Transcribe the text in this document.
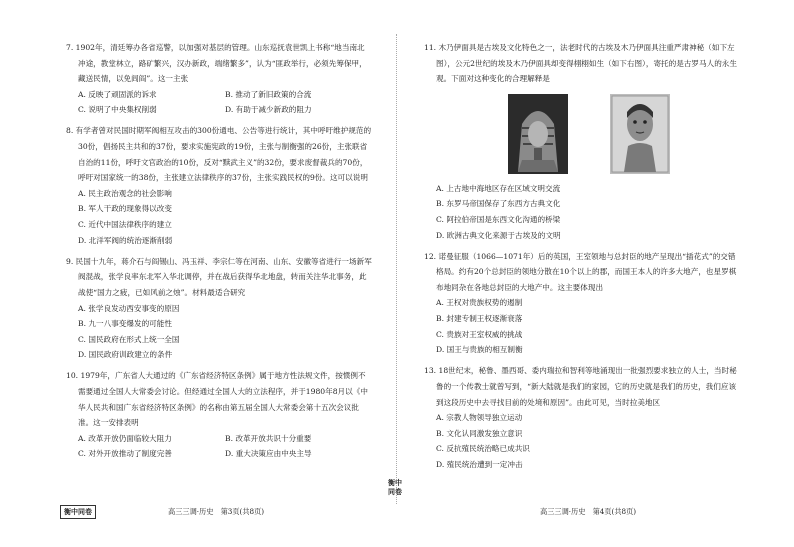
7. 1902年，清廷筹办各省巡警，以加强对基层的管理。山东巡抚袁世凯上书称“地当南北冲途，教堂林立，路矿繁兴，汉办新政，端绪繁多”，认为“匪政举行，必须先筹保甲，藏送民情，以免闾阎”。这一主张

A. 反映了顽固派的诉求	B. 推动了新旧政策的合流
C. 说明了中央集权削弱	D. 有助于减少新政的阻力

8. 有学者曾对民国时期军阀相互攻击的300份通电、公告等进行统计，其中呼吁维护规范的30份，倡扬民主共和的37份，要求实施宪政的19份，主张与制衡强的26份，主张联省自治的11份，呼吁文官政治的10份，反对“黩武主义”的32份，要求废督裁兵的70份，呼吁对国家统一的38份，主张建立法律秩序的37份，主张实践民权的9份。这可以说明

A. 民主政治观念的社会影响

B. 军人干政的现象得以改变

C. 近代中国法律秩序的建立

D. 北洋军阀的统治逐渐削弱

9. 民国十九年，蒋介石与阎锡山、冯玉祥、李宗仁等在河南、山东、安徽等省进行一场新军阀混战，张学良率东北军入华北调停，并在战后获得华北地盘，转而关注华北事务，此战使“国力之疲，已如风前之烛”。材料最适合研究

A. 张学良发动西安事变的原因

B. 九一八事变爆发的可能性

C. 国民政府在形式上统一全国

D. 国民政府训政建立的条件

10. 1979年，广东省人大通过的《广东省经济特区条例》属于地方性法规文件，按惯例不需要通过全国人大常委会讨论。但经通过全国人大的立法程序，并于1980年8月以《中华人民共和国广东省经济特区条例》的名称由第五届全国人大常委会第十五次会议批准。这一安排表明

A. 改革开放仍面临较大阻力	B. 改革开放共识十分重要
C. 对外开放推动了制度完善	D. 重大决策应由中央主导

11. 木乃伊面具是古埃及文化特色之一，法老时代的古埃及木乃伊面具注重严肃神秘（如下左图），公元2世纪的埃及木乃伊面具却变得栩栩如生（如下右图），寄托的是古罗马人的永生观。下面对这种变化的合理解释是

A. 上古地中海地区存在区域文明交流

B. 东罗马帝国保存了东西方古典文化

C. 阿拉伯帝国是东西文化沟通的桥梁

D. 欧洲古典文化来源于古埃及的文明

12. 诺曼征服（1066—1071年）后的英国，王室领地与总封臣的地产呈现出“插花式”的交错格局。约有20个总封臣的领地分散在10个以上的郡，而国王本人的许多大地产，也星罗棋布地同杂在各地总封臣的大地产中。这主要体现出

A. 王权对贵族权势的遏制

B. 封建专制王权逐渐衰落

C. 贵族对王室权威的挑战

D. 国王与贵族的相互制衡

13. 18世纪末，秘鲁、墨西哥、委内瑞拉和智利等地涌现出一批强烈要求独立的人士，当时秘鲁的一个传教士就曾写到，“新大陆就是我们的家园，它的历史就是我们的历史，我们应该到这段历史中去寻找目前的处境和原因”。由此可见，当时拉美地区

A. 宗教人物领导独立运动

B. 文化认同激发独立意识

C. 反抗殖民统治略已成共识

D. 殖民统治遭到一定冲击

衡中同卷	高三三调·历史　第3页(共8页)	高三三调·历史　第4页(共8页)
衡中同卷
